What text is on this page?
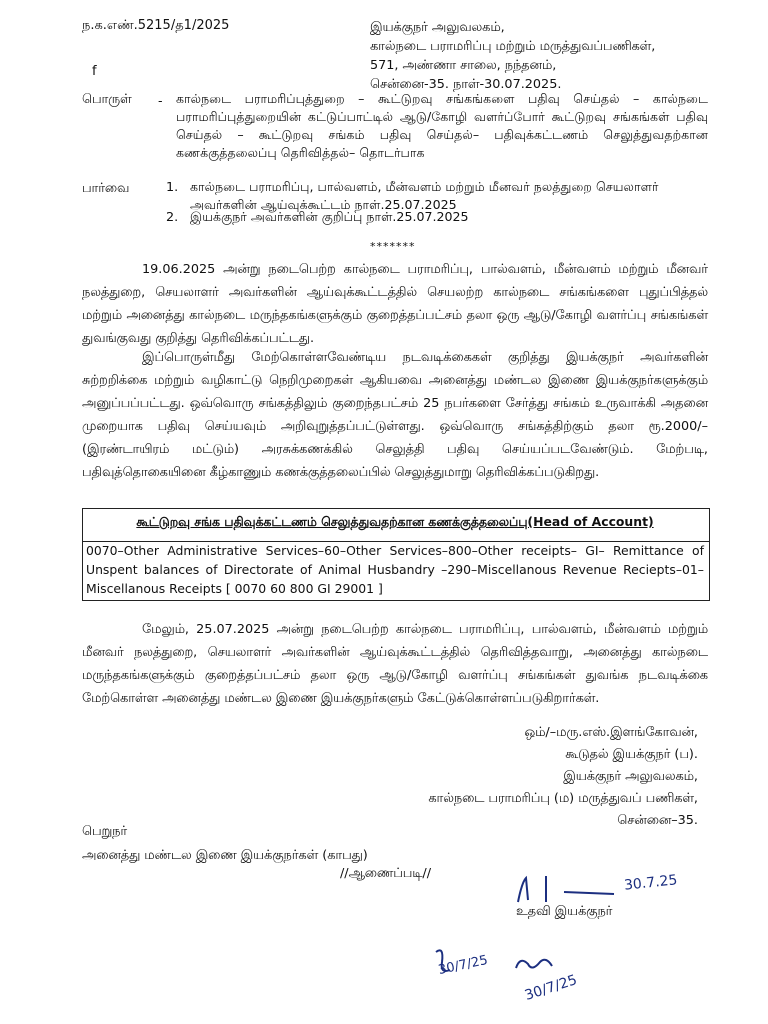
ந.க.எண்.5215/த1/2025	இயக்குநர் அலுவலகம்,
கால்நடை பராமரிப்பு மற்றும் மருத்துவப்பணிகள்,
571, அண்ணா சாலை, நந்தனம்,
சென்னை-35. நாள்-30.07.2025.
f
பொருள் - கால்நடை பராமரிப்புத்துறை – கூட்டுறவு சங்கங்களை பதிவு செய்தல் – கால்நடை பராமரிப்புத்துறையின் கட்டுப்பாட்டில் ஆடு/கோழி வளர்ப்போர் கூட்டுறவு சங்கங்கள் பதிவு செய்தல் – கூட்டுறவு சங்கம் பதிவு செய்தல்– பதிவுக்கட்டணம் செலுத்துவதற்கான கணக்குத்தலைப்பு தெரிவித்தல்– தொடர்பாக
பார்வை	1. கால்நடை பராமரிப்பு, பால்வளம், மீன்வளம் மற்றும் மீனவர் நலத்துறை செயலாளர் அவர்களின் ஆய்வுக்கூட்டம் நாள்.25.07.2025
2. இயக்குநர் அவர்களின் குறிப்பு நாள்.25.07.2025
*******
19.06.2025 அன்று நடைபெற்ற கால்நடை பராமரிப்பு, பால்வளம், மீன்வளம் மற்றும் மீனவர் நலத்துறை, செயலாளர் அவர்களின் ஆய்வுக்கூட்டத்தில் செயலற்ற கால்நடை சங்கங்களை புதுப்பித்தல் மற்றும் அனைத்து கால்நடை மருந்தகங்களுக்கும் குறைத்தப்பட்சம் தலா ஒரு ஆடு/கோழி வளர்ப்பு சங்கங்கள் துவங்குவது குறித்து தெரிவிக்கப்பட்டது.
இப்பொருள்மீது மேற்கொள்ளவேண்டிய நடவடிக்கைகள் குறித்து இயக்குநர் அவர்களின் சுற்றறிக்கை மற்றும் வழிகாட்டு நெறிமுறைகள் ஆகியவை அனைத்து மண்டல இணை இயக்குநர்களுக்கும் அனுப்பப்பட்டது. ஒவ்வொரு சங்கத்திலும் குறைந்தபட்சம் 25 நபர்களை சேர்த்து சங்கம் உருவாக்கி அதனை முறையாக பதிவு செய்யவும் அறிவுறுத்தப்பட்டுள்ளது. ஒவ்வொரு சங்கத்திற்கும் தலா ரூ.2000/–(இரண்டாயிரம் மட்டும்) அரசுக்கணக்கில் செலுத்தி பதிவு செய்யப்படவேண்டும். மேற்படி, பதிவுத்தொகையினை கீழ்காணும் கணக்குத்தலைப்பில் செலுத்துமாறு தெரிவிக்கப்படுகிறது.
கூட்டுறவு சங்க பதிவுக்கட்டணம் செலுத்துவதற்கான கணக்குத்தலைப்பு(Head of Account)
0070–Other Administrative Services–60–Other Services–800–Other receipts– GI– Remittance of Unspent balances of Directorate of Animal Husbandry –290–Miscellanous Revenue Reciepts–01–Miscellanous Receipts [ 0070 60 800 GI 29001 ]
மேலும், 25.07.2025 அன்று நடைபெற்ற கால்நடை பராமரிப்பு, பால்வளம், மீன்வளம் மற்றும் மீனவர் நலத்துறை, செயலாளர் அவர்களின் ஆய்வுக்கூட்டத்தில் தெரிவித்தவாறு, அனைத்து கால்நடை மருந்தகங்களுக்கும் குறைத்தப்பட்சம் தலா ஒரு ஆடு/கோழி வளர்ப்பு சங்கங்கள் துவங்க நடவடிக்கை மேற்கொள்ள அனைத்து மண்டல இணை இயக்குநர்களும் கேட்டுக்கொள்ளப்படுகிறார்கள்.
ஒம்/–மரு.எஸ்.இளங்கோவன்,
கூடுதல் இயக்குநர் (ப).
இயக்குநர் அலுவலகம்,
கால்நடை பராமரிப்பு (ம) மருத்துவப் பணிகள்,
சென்னை–35.
பெறுநர்
அனைத்து மண்டல இணை இயக்குநர்கள் (காபது)
//ஆணைப்படி//	30.7.25
உதவி இயக்குநர்
30/7/25
30/7/25
